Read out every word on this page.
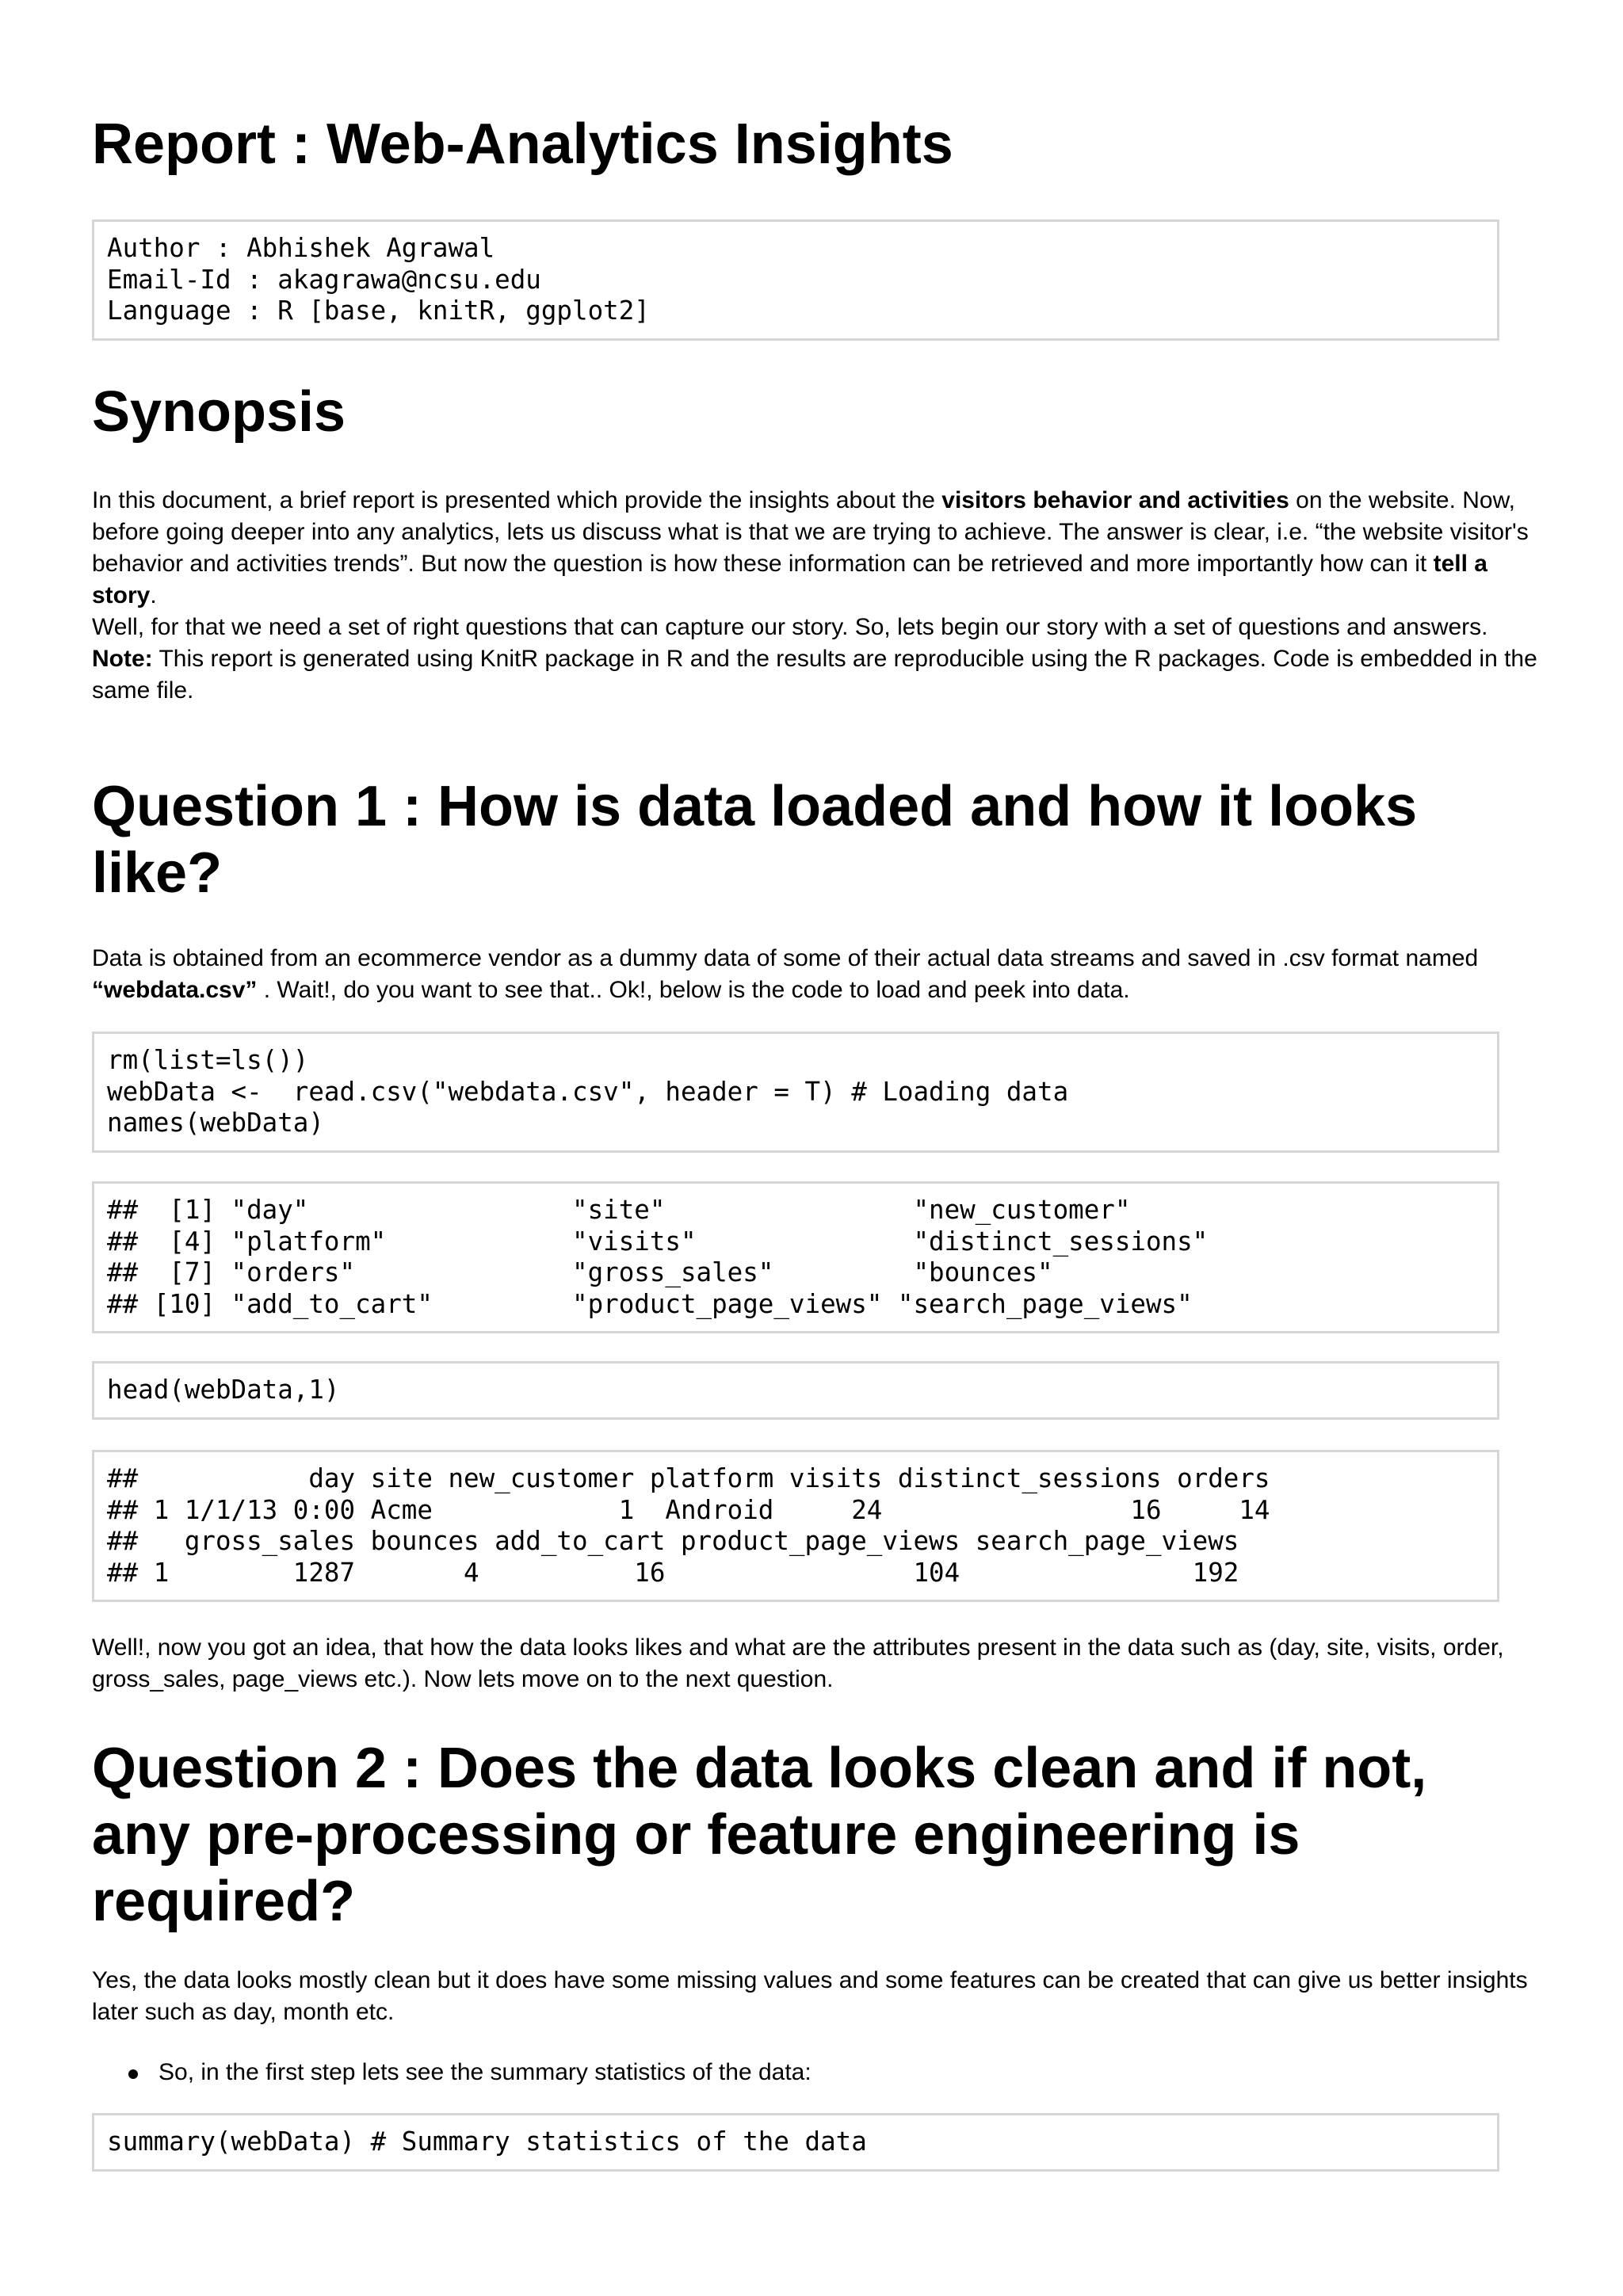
Report : Web-Analytics Insights
Author : Abhishek Agrawal
Email-Id : akagrawa@ncsu.edu
Language : R [base, knitR, ggplot2]
Synopsis
In this document, a brief report is presented which provide the insights about the visitors behavior and activities on the website. Now, before going deeper into any analytics, lets us discuss what is that we are trying to achieve. The answer is clear, i.e. “the website visitor's behavior and activities trends”. But now the question is how these information can be retrieved and more importantly how can it tell a story.
Well, for that we need a set of right questions that can capture our story. So, lets begin our story with a set of questions and answers.
Note: This report is generated using KnitR package in R and the results are reproducible using the R packages. Code is embedded in the same file.
Question 1 : How is data loaded and how it looks like?
Data is obtained from an ecommerce vendor as a dummy data of some of their actual data streams and saved in .csv format named “webdata.csv” . Wait!, do you want to see that.. Ok!, below is the code to load and peek into data.
rm(list=ls())
webData <-  read.csv("webdata.csv", header = T) # Loading data
names(webData)
##  [1] "day"                 "site"                "new_customer"
##  [4] "platform"            "visits"              "distinct_sessions"
##  [7] "orders"              "gross_sales"         "bounces"
## [10] "add_to_cart"         "product_page_views" "search_page_views"
head(webData,1)
##           day site new_customer platform visits distinct_sessions orders
## 1 1/1/13 0:00 Acme            1  Android     24                16     14
##   gross_sales bounces add_to_cart product_page_views search_page_views
## 1        1287       4          16                104               192
Well!, now you got an idea, that how the data looks likes and what are the attributes present in the data such as (day, site, visits, order, gross_sales, page_views etc.). Now lets move on to the next question.
Question 2 : Does the data looks clean and if not, any pre-processing or feature engineering is required?
Yes, the data looks mostly clean but it does have some missing values and some features can be created that can give us better insights later such as day, month etc.
So, in the first step lets see the summary statistics of the data:
summary(webData) # Summary statistics of the data
